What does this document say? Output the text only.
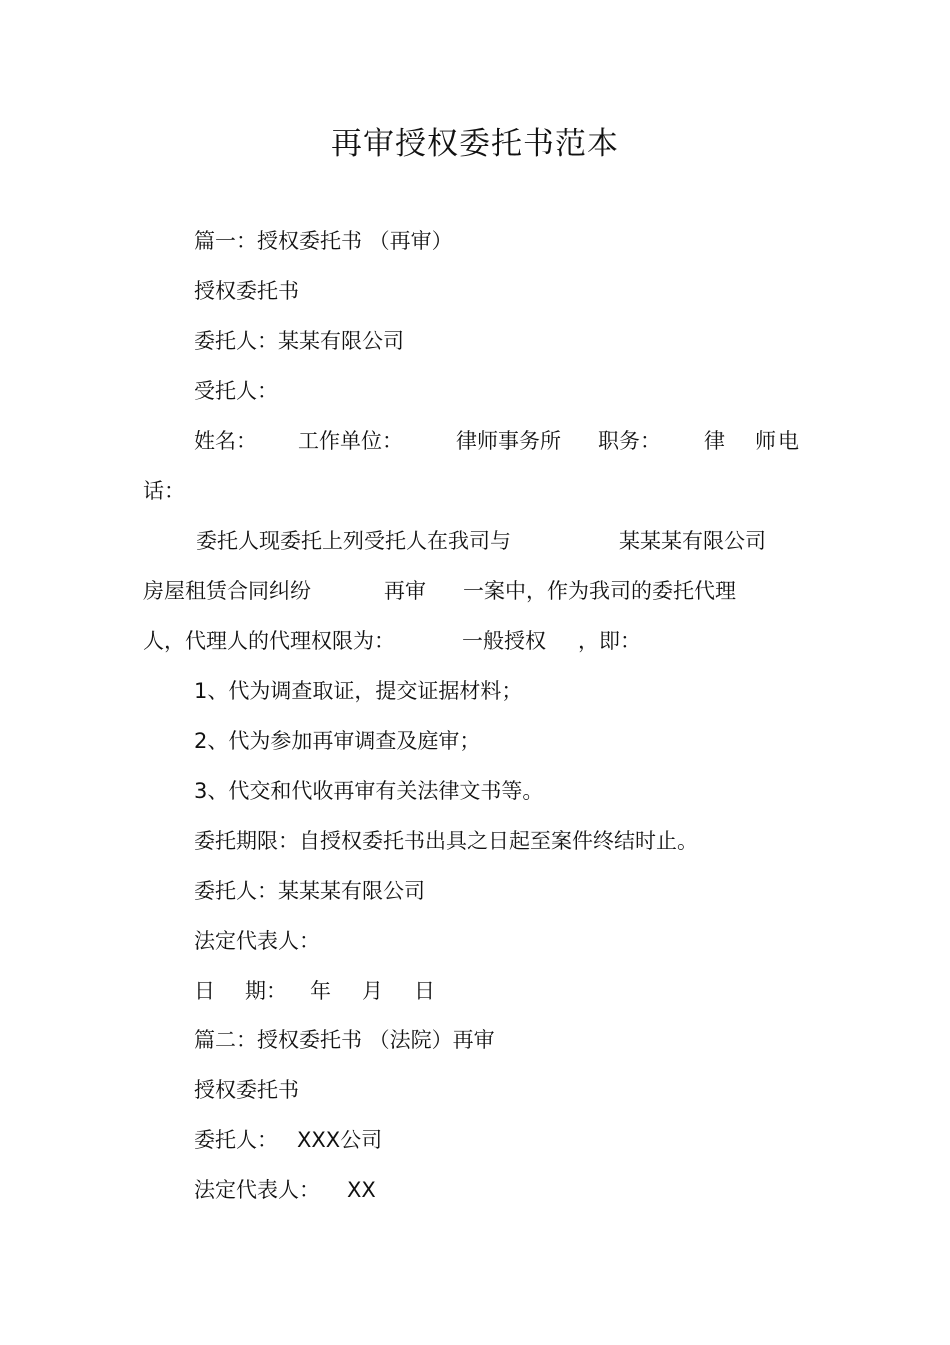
再审授权委托书范本
篇一：授权委托书 （再审）
授权委托书
委托人：某某有限公司
受托人：
姓名： 工作单位：	律师事务所 职务： 律 师 电
话：
委托人现委托上列受托人在我司与	某某某有限公司
房屋租赁合同纠纷	再审 一案中，作为我司的委托代理
人，代理人的代理权限为：	一般授权 ，即：
1、代为调查取证，提交证据材料；
2、代为参加再审调查及庭审；
3、代交和代收再审有关法律文书等。
委托期限：自授权委托书出具之日起至案件终结时止。
委托人：某某某有限公司
法定代表人：
日 期： 年 月 日
篇二：授权委托书 （法院）再审
授权委托书
委托人： XXX公司
法定代表人： XX
